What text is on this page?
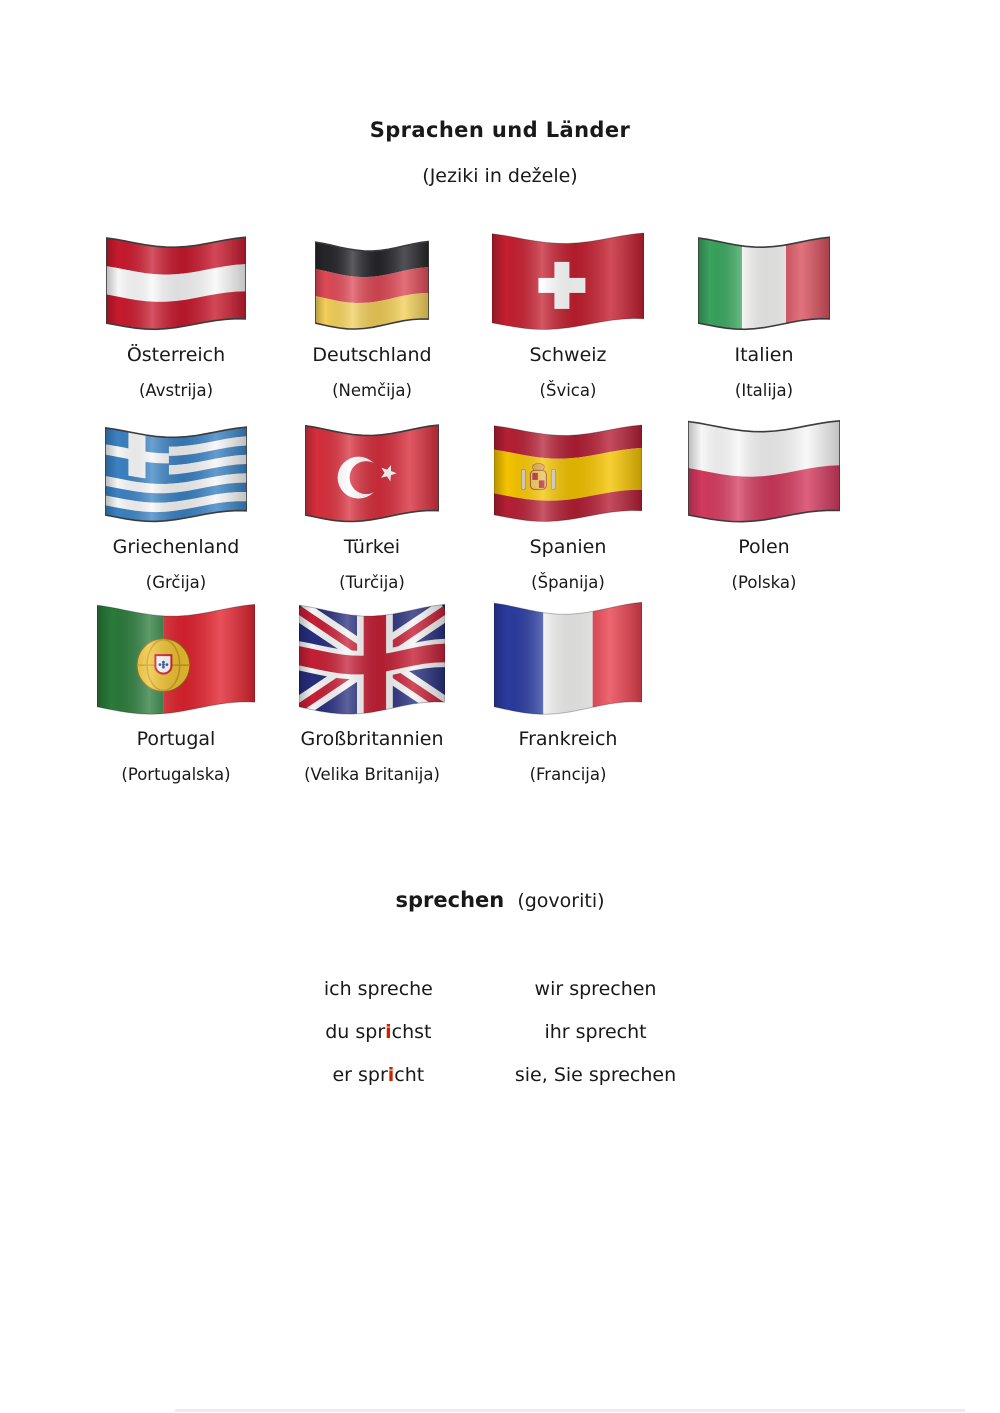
Sprachen und Länder
(Jeziki in dežele)
Österreich
(Avstrija)
Deutschland
(Nemčija)
Schweiz
(Švica)
Italien
(Italija)
Griechenland
(Grčija)
Türkei
(Turčija)
Spanien
(Španija)
Polen
(Polska)
Portugal
(Portugalska)
Großbritannien
(Velika Britanija)
Frankreich
(Francija)
sprechen (govoriti)
ich spreche
du sprichst
er spricht
wir sprechen
ihr sprecht
sie, Sie sprechen
